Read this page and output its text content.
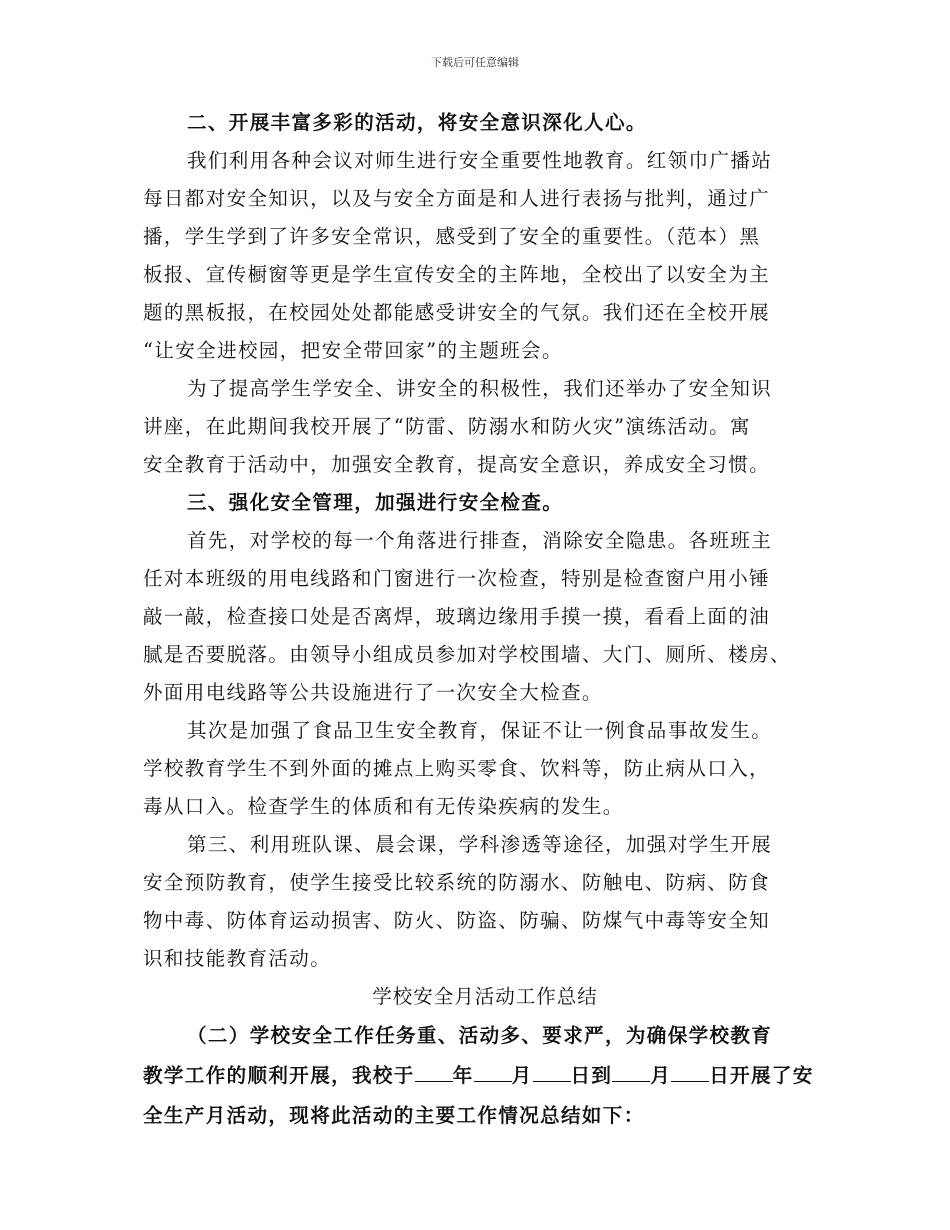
下载后可任意编辑
二、开展丰富多彩的活动，将安全意识深化人心。
我们利用各种会议对师生进行安全重要性地教育。红领巾广播站
每日都对安全知识，以及与安全方面是和人进行表扬与批判，通过广
播，学生学到了许多安全常识，感受到了安全的重要性。（范本）黑
板报、宣传橱窗等更是学生宣传安全的主阵地，全校出了以安全为主
题的黑板报，在校园处处都能感受讲安全的气氛。我们还在全校开展
“让安全进校园，把安全带回家”的主题班会。
为了提高学生学安全、讲安全的积极性，我们还举办了安全知识
讲座，在此期间我校开展了“防雷、防溺水和防火灾”演练活动。寓
安全教育于活动中，加强安全教育，提高安全意识，养成安全习惯。
三、强化安全管理，加强进行安全检查。
首先，对学校的每一个角落进行排查，消除安全隐患。各班班主
任对本班级的用电线路和门窗进行一次检查，特别是检查窗户用小锤
敲一敲，检查接口处是否离焊，玻璃边缘用手摸一摸，看看上面的油
腻是否要脱落。由领导小组成员参加对学校围墙、大门、厕所、楼房、
外面用电线路等公共设施进行了一次安全大检查。
其次是加强了食品卫生安全教育，保证不让一例食品事故发生。
学校教育学生不到外面的摊点上购买零食、饮料等，防止病从口入，
毒从口入。检查学生的体质和有无传染疾病的发生。
第三、利用班队课、晨会课，学科渗透等途径，加强对学生开展
安全预防教育，使学生接受比较系统的防溺水、防触电、防病、防食
物中毒、防体育运动损害、防火、防盗、防骗、防煤气中毒等安全知
识和技能教育活动。
学校安全月活动工作总结
（二）学校安全工作任务重、活动多、要求严，为确保学校教育
教学工作的顺利开展，我校于 年 月 日到 月 日开展了安
全生产月活动，现将此活动的主要工作情况总结如下：
